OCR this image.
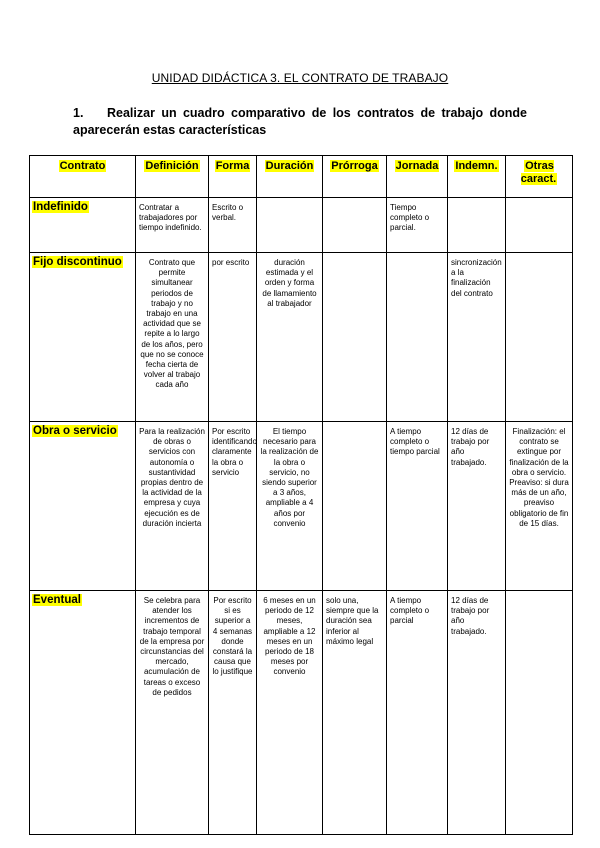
UNIDAD DIDÁCTICA 3. EL CONTRATO DE TRABAJO
1. Realizar un cuadro comparativo de los contratos de trabajo donde
aparecerán estas características
Contrato	Definición	Forma	Duración	Prórroga	Jornada	Indemn.	Otras caract.
Indefinido	Contratar a trabajadores por tiempo indefinido.	Escrito o verbal.			Tiempo completo o parcial.		
Fijo discontinuo	Contrato que permite simultanear periodos de trabajo y no trabajo en una actividad que se repite a lo largo de los años, pero que no se conoce fecha cierta de volver al trabajo cada año	por escrito	duración estimada y el orden y forma de llamamiento al trabajador			sincronización a la finalización del contrato	
Obra o servicio	Para la realización de obras o servicios con autonomía o sustantividad propias dentro de la actividad de la empresa y cuya ejecución es de duración incierta	Por escrito identificando claramente la obra o servicio	El tiempo necesario para la realización de la obra o servicio, no siendo superior a 3 años, ampliable a 4 años por convenio		A tiempo completo o tiempo parcial	12 días de trabajo por año trabajado.	Finalización: el contrato se extingue por finalización de la obra o servicio. Preaviso: si dura más de un año, preaviso obligatorio de fin de 15 días.
Eventual	Se celebra para atender los incrementos de trabajo temporal de la empresa por circunstancias del mercado, acumulación de tareas o exceso de pedidos	Por escrito si es superior a 4 semanas donde constará la causa que lo justifique	6 meses en un periodo de 12 meses, ampliable a 12 meses en un periodo de 18 meses por convenio	solo una, siempre que la duración sea inferior al máximo legal	A tiempo completo o parcial	12 días de trabajo por año trabajado.	
